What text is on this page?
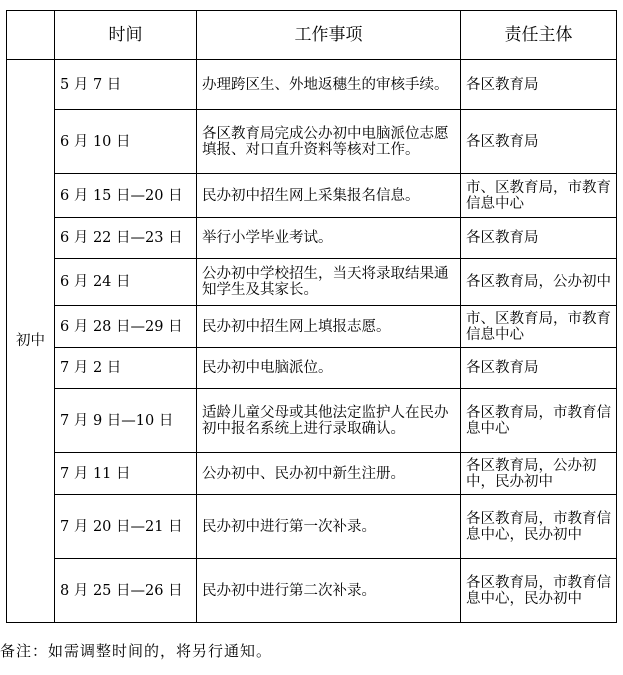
	时间	工作事项	责任主体
初中	5 月 7 日	办理跨区生、外地返穗生的审核手续。	各区教育局
	6 月 10 日	各区教育局完成公办初中电脑派位志愿填报、对口直升资料等核对工作。	各区教育局
	6 月 15 日—20 日	民办初中招生网上采集报名信息。	市、区教育局，市教育信息中心
	6 月 22 日—23 日	举行小学毕业考试。	各区教育局
	6 月 24 日	公办初中学校招生，当天将录取结果通知学生及其家长。	各区教育局，公办初中
	6 月 28 日—29 日	民办初中招生网上填报志愿。	市、区教育局，市教育信息中心
	7 月 2 日	民办初中电脑派位。	各区教育局
	7 月 9 日—10 日	适龄儿童父母或其他法定监护人在民办初中报名系统上进行录取确认。	各区教育局，市教育信息中心
	7 月 11 日	公办初中、民办初中新生注册。	各区教育局，公办初中，民办初中
	7 月 20 日—21 日	民办初中进行第一次补录。	各区教育局，市教育信息中心，民办初中
	8 月 25 日—26 日	民办初中进行第二次补录。	各区教育局，市教育信息中心，民办初中
备注：如需调整时间的，将另行通知。
